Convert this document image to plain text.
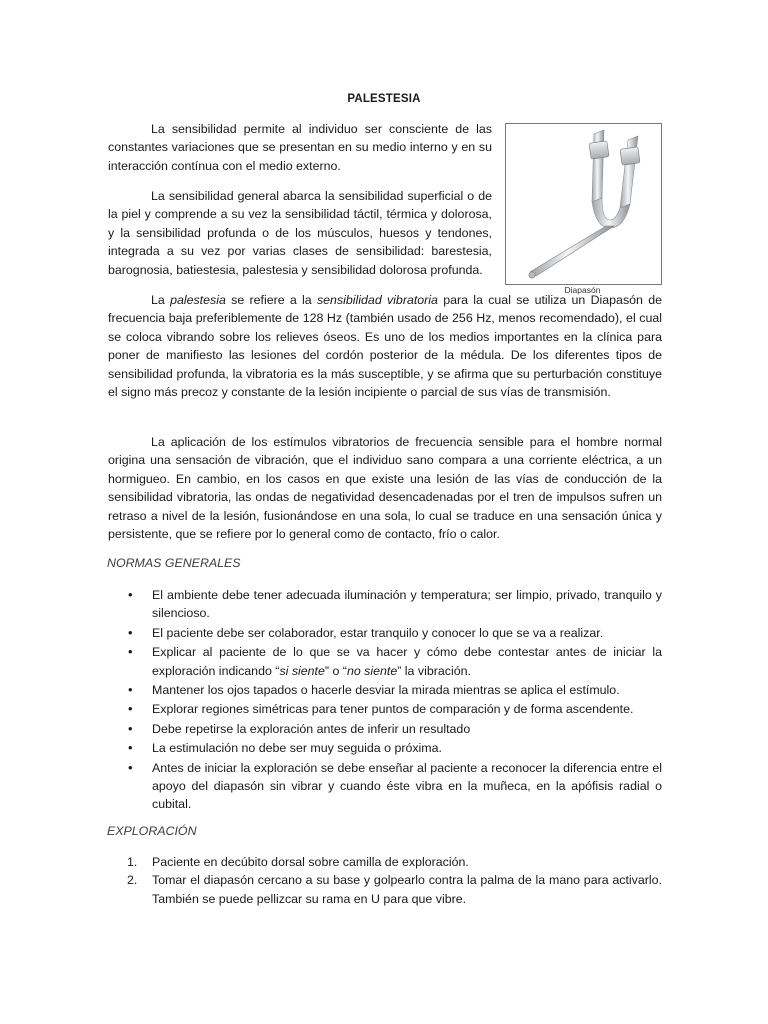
PALESTESIA

La sensibilidad permite al individuo ser consciente de las constantes variaciones que se presentan en su medio interno y en su interacción contínua con el medio externo.

La sensibilidad general abarca la sensibilidad superficial o de la piel y comprende a su vez la sensibilidad táctil, térmica y dolorosa, y la sensibilidad profunda o de los músculos, huesos y tendones, integrada a su vez por varias clases de sensibilidad: barestesia, barognosia, batiestesia, palestesia y sensibilidad dolorosa profunda.

Diapasón

La palestesia se refiere a la sensibilidad vibratoria para la cual se utiliza un Diapasón de frecuencia baja preferiblemente de 128 Hz (también usado de 256 Hz, menos recomendado), el cual se coloca vibrando sobre los relieves óseos. Es uno de los medios importantes en la clínica para poner de manifiesto las lesiones del cordón posterior de la médula. De los diferentes tipos de sensibilidad profunda, la vibratoria es la más susceptible, y se afirma que su perturbación constituye el signo más precoz y constante de la lesión incipiente o parcial de sus vías de transmisión.

La aplicación de los estímulos vibratorios de frecuencia sensible para el hombre normal origina una sensación de vibración, que el individuo sano compara a una corriente eléctrica, a un hormigueo. En cambio, en los casos en que existe una lesión de las vías de conducción de la sensibilidad vibratoria, las ondas de negatividad desencadenadas por el tren de impulsos sufren un retraso a nivel de la lesión, fusionándose en una sola, lo cual se traduce en una sensación única y persistente, que se refiere por lo general como de contacto, frío o calor.

NORMAS GENERALES
• El ambiente debe tener adecuada iluminación y temperatura; ser limpio, privado, tranquilo y silencioso.
• El paciente debe ser colaborador, estar tranquilo y conocer lo que se va a realizar.
• Explicar al paciente de lo que se va hacer y cómo debe contestar antes de iniciar la exploración indicando “si siente” o “no siente” la vibración.
• Mantener los ojos tapados o hacerle desviar la mirada mientras se aplica el estímulo.
• Explorar regiones simétricas para tener puntos de comparación y de forma ascendente.
• Debe repetirse la exploración antes de inferir un resultado
• La estimulación no debe ser muy seguida o próxima.
• Antes de iniciar la exploración se debe enseñar al paciente a reconocer la diferencia entre el apoyo del diapasón sin vibrar y cuando éste vibra en la muñeca, en la apófisis radial o cubital.
EXPLORACIÓN
1. Paciente en decúbito dorsal sobre camilla de exploración.
2. Tomar el diapasón cercano a su base y golpearlo contra la palma de la mano para activarlo. También se puede pellizcar su rama en U para que vibre.
